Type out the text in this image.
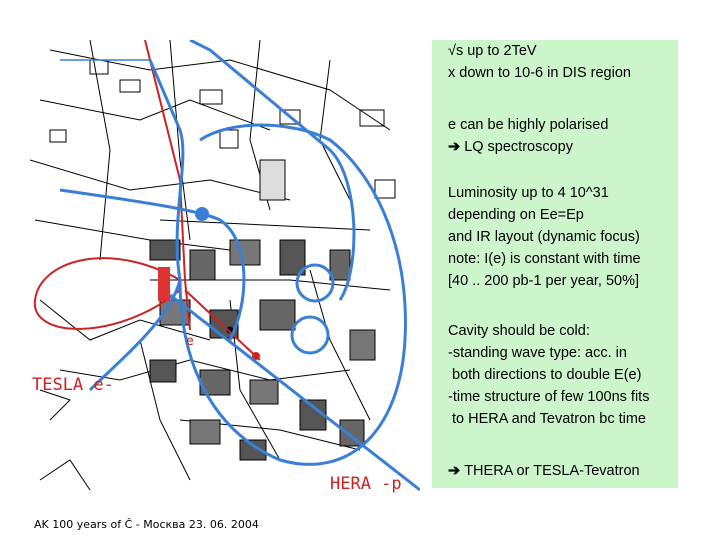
TESLA e-
HERA -p
e
√s up to 2TeV
x down to 10-6 in DIS region
e can be highly polarised
➔ LQ spectroscopy
Luminosity up to 4 10^31
depending on Ee=Ep
and IR layout (dynamic focus)
note: I(e) is constant with time
[40 .. 200 pb-1 per year, 50%]
Cavity should be cold:
-standing wave type: acc. in
both directions to double E(e)
-time structure of few 100ns fits
to HERA and Tevatron bc time
➔ THERA or TESLA-Tevatron
AK 100 years of Č - Москва 23. 06. 2004
